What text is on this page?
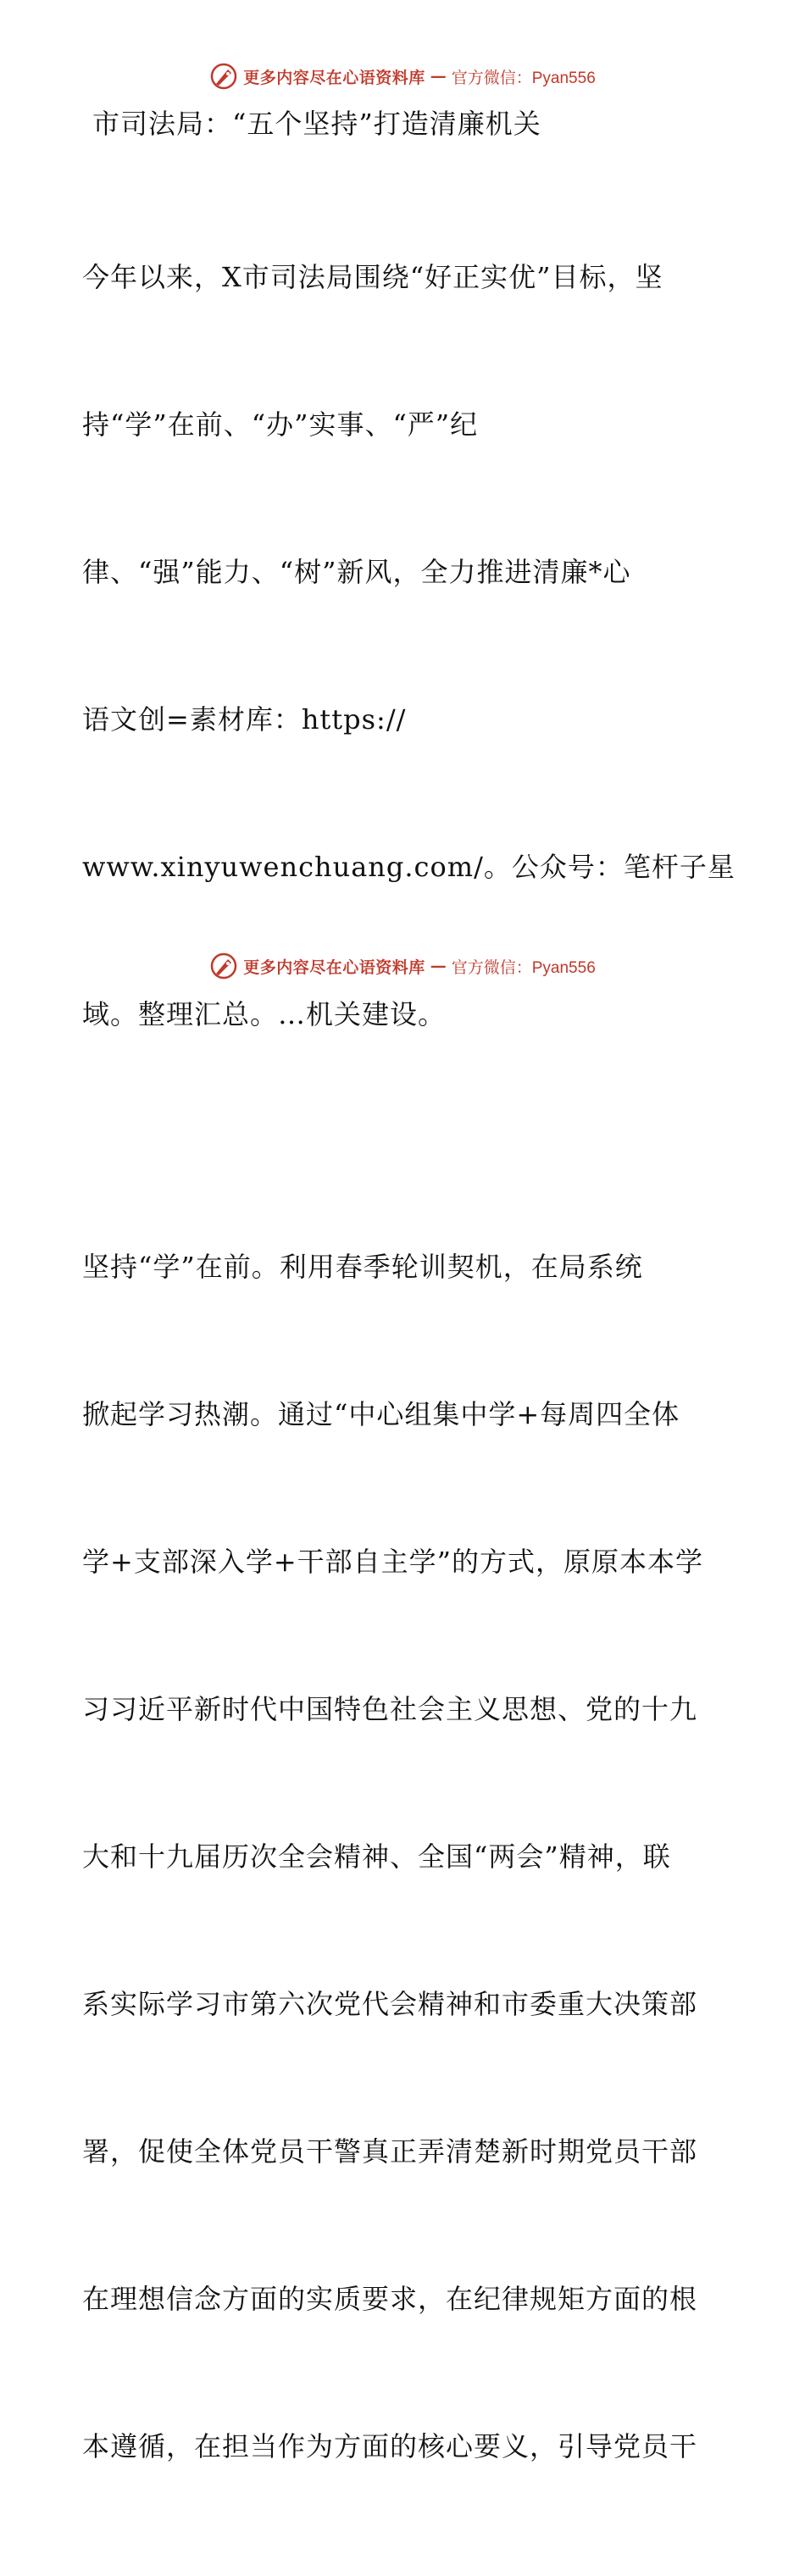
更多内容尽在心语资料库 — 官方微信：Pyan556
市司法局：“五个坚持”打造清廉机关

今年以来，X市司法局围绕“好正实优”目标，坚

持“学”在前、“办”实事、“严”纪

律、“强”能力、“树”新风，全力推进清廉*心

语文创=素材库：https://

www.xinyuwenchuang.com/。公众号：笔杆子星

域。整理汇总。…机关建设。

坚持“学”在前。利用春季轮训契机，在局系统

掀起学习热潮。通过“中心组集中学+每周四全体

学+支部深入学+干部自主学”的方式，原原本本学

习习近平新时代中国特色社会主义思想、党的十九

大和十九届历次全会精神、全国“两会”精神，联

系实际学习市第六次党代会精神和市委重大决策部

署，促使全体党员干警真正弄清楚新时期党员干部

在理想信念方面的实质要求，在纪律规矩方面的根

本遵循，在担当作为方面的核心要义，引导党员干

更多内容尽在心语资料库 — 官方微信：Pyan556
